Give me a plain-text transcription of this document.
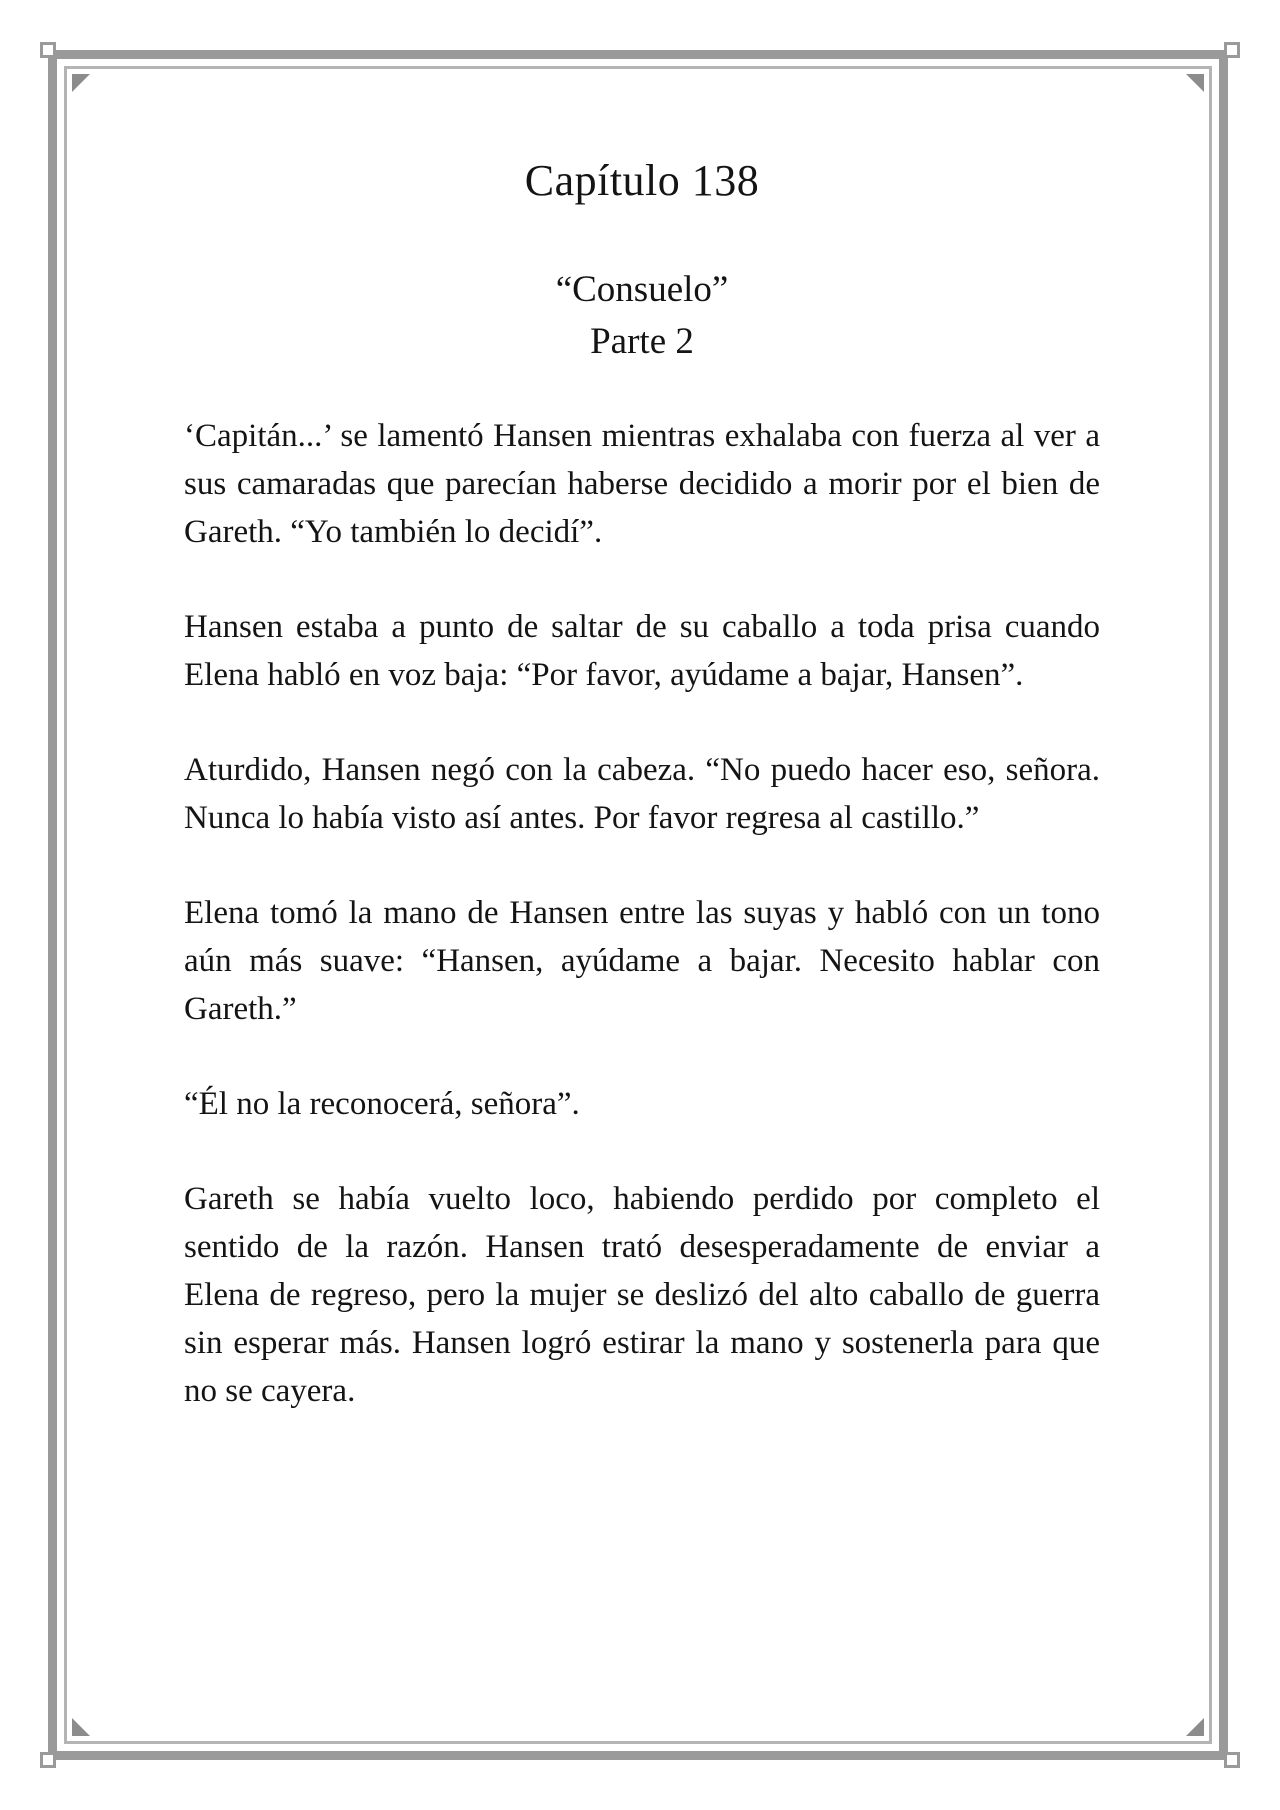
Capítulo 138
“Consuelo”
Parte 2

‘Capitán...’ se lamentó Hansen mientras exhalaba con fuerza al ver a sus camaradas que parecían haberse decidido a morir por el bien de Gareth. “Yo también lo decidí”.

Hansen estaba a punto de saltar de su caballo a toda prisa cuando Elena habló en voz baja: “Por favor, ayúdame a bajar, Hansen”.

Aturdido, Hansen negó con la cabeza. “No puedo hacer eso, señora. Nunca lo había visto así antes. Por favor regresa al castillo.”

Elena tomó la mano de Hansen entre las suyas y habló con un tono aún más suave: “Hansen, ayúdame a bajar. Necesito hablar con Gareth.”

“Él no la reconocerá, señora”.

Gareth se había vuelto loco, habiendo perdido por completo el sentido de la razón. Hansen trató desesperadamente de enviar a Elena de regreso, pero la mujer se deslizó del alto caballo de guerra sin esperar más. Hansen logró estirar la mano y sostenerla para que no se cayera.
